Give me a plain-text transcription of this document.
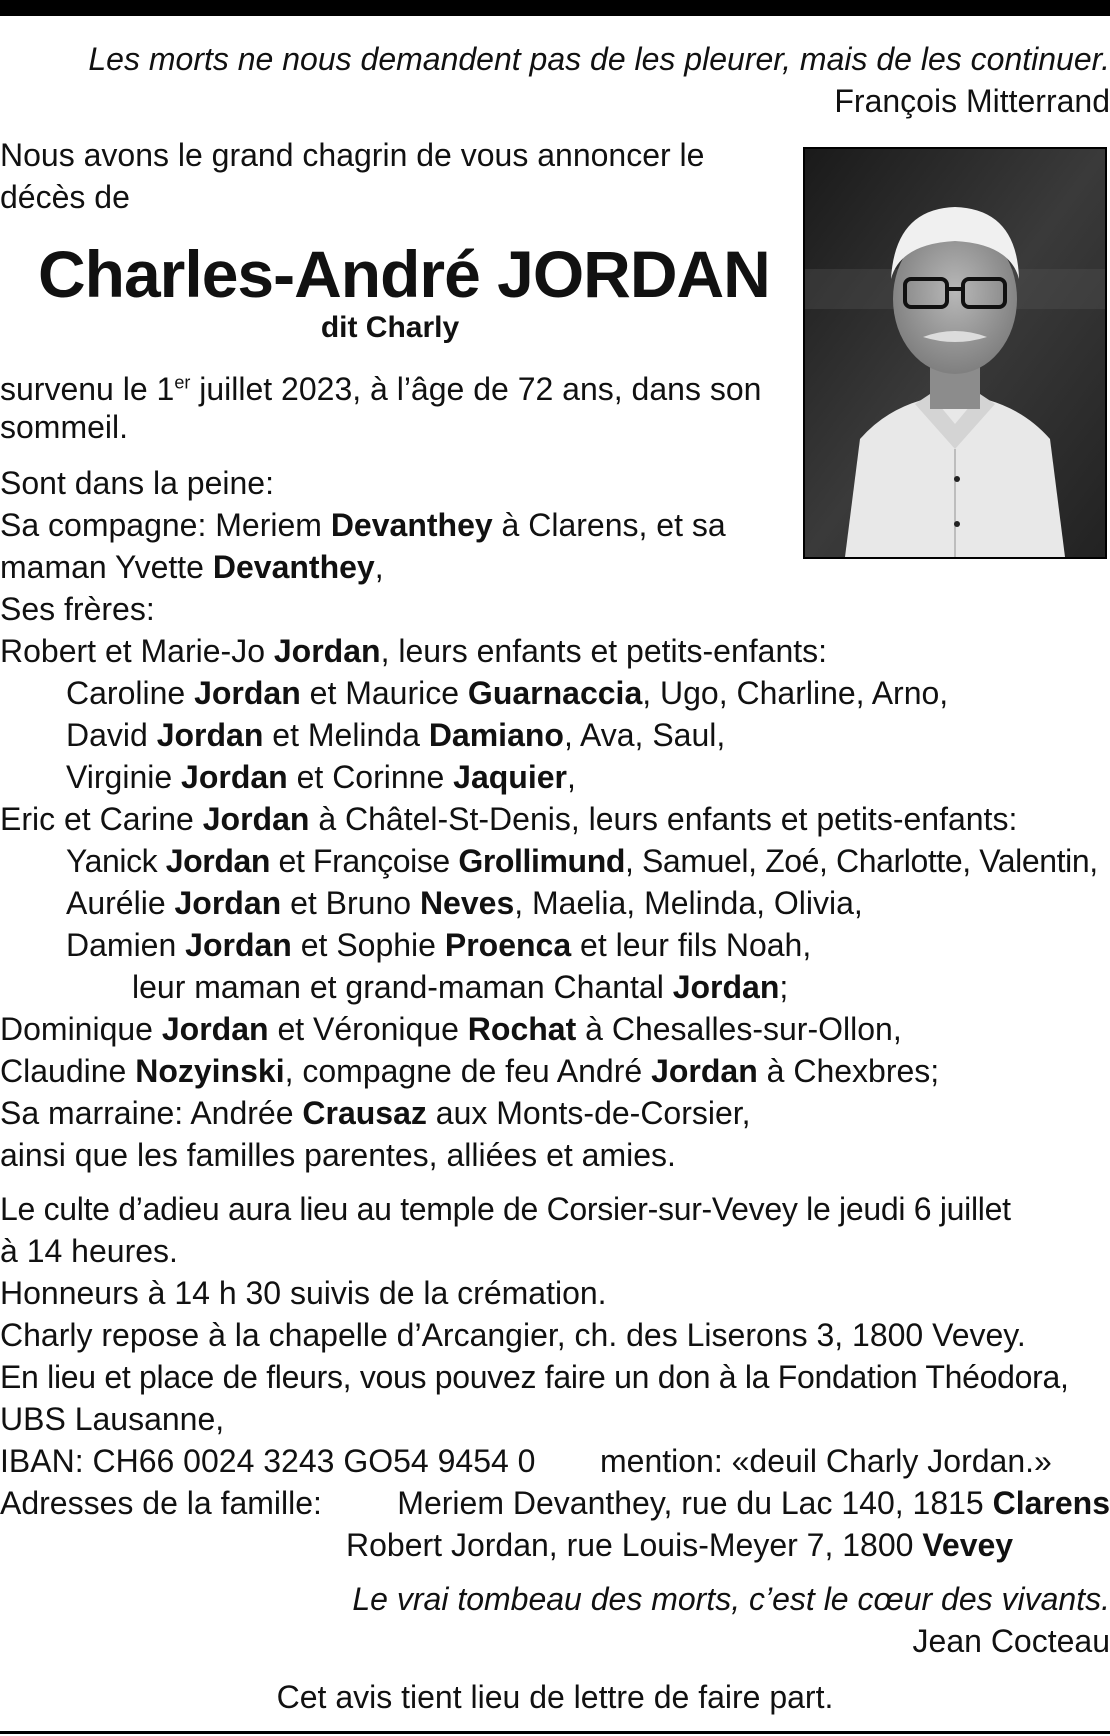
Les morts ne nous demandent pas de les pleurer, mais de les continuer.
François Mitterrand
Nous avons le grand chagrin de vous annoncer le
décès de
Charles-André JORDAN
dit Charly
survenu le 1er juillet 2023, à l’âge de 72 ans, dans son
sommeil.
Sont dans la peine:
Sa compagne: Meriem Devanthey à Clarens, et sa
maman Yvette Devanthey,
Ses frères:
Robert et Marie-Jo Jordan, leurs enfants et petits-enfants:
Caroline Jordan et Maurice Guarnaccia, Ugo, Charline, Arno,
David Jordan et Melinda Damiano, Ava, Saul,
Virginie Jordan et Corinne Jaquier,
Eric et Carine Jordan à Châtel-St-Denis, leurs enfants et petits-enfants:
Yanick Jordan et Françoise Grollimund, Samuel, Zoé, Charlotte, Valentin,
Aurélie Jordan et Bruno Neves, Maelia, Melinda, Olivia,
Damien Jordan et Sophie Proenca et leur fils Noah,
leur maman et grand-maman Chantal Jordan;
Dominique Jordan et Véronique Rochat à Chesalles-sur-Ollon,
Claudine Nozyinski, compagne de feu André Jordan à Chexbres;
Sa marraine: Andrée Crausaz aux Monts-de-Corsier,
ainsi que les familles parentes, alliées et amies.
Le culte d’adieu aura lieu au temple de Corsier-sur-Vevey le jeudi 6 juillet
à 14 heures.
Honneurs à 14 h 30 suivis de la crémation.
Charly repose à la chapelle d’Arcangier, ch. des Liserons 3, 1800 Vevey.
En lieu et place de fleurs, vous pouvez faire un don à la Fondation Théodora,
UBS Lausanne,
IBAN: CH66 0024 3243 GO54 9454 0 mention: «deuil Charly Jordan.»
Adresses de la famille: Meriem Devanthey, rue du Lac 140, 1815 Clarens
Robert Jordan, rue Louis-Meyer 7, 1800 Vevey
Le vrai tombeau des morts, c’est le cœur des vivants.
Jean Cocteau
Cet avis tient lieu de lettre de faire part.
